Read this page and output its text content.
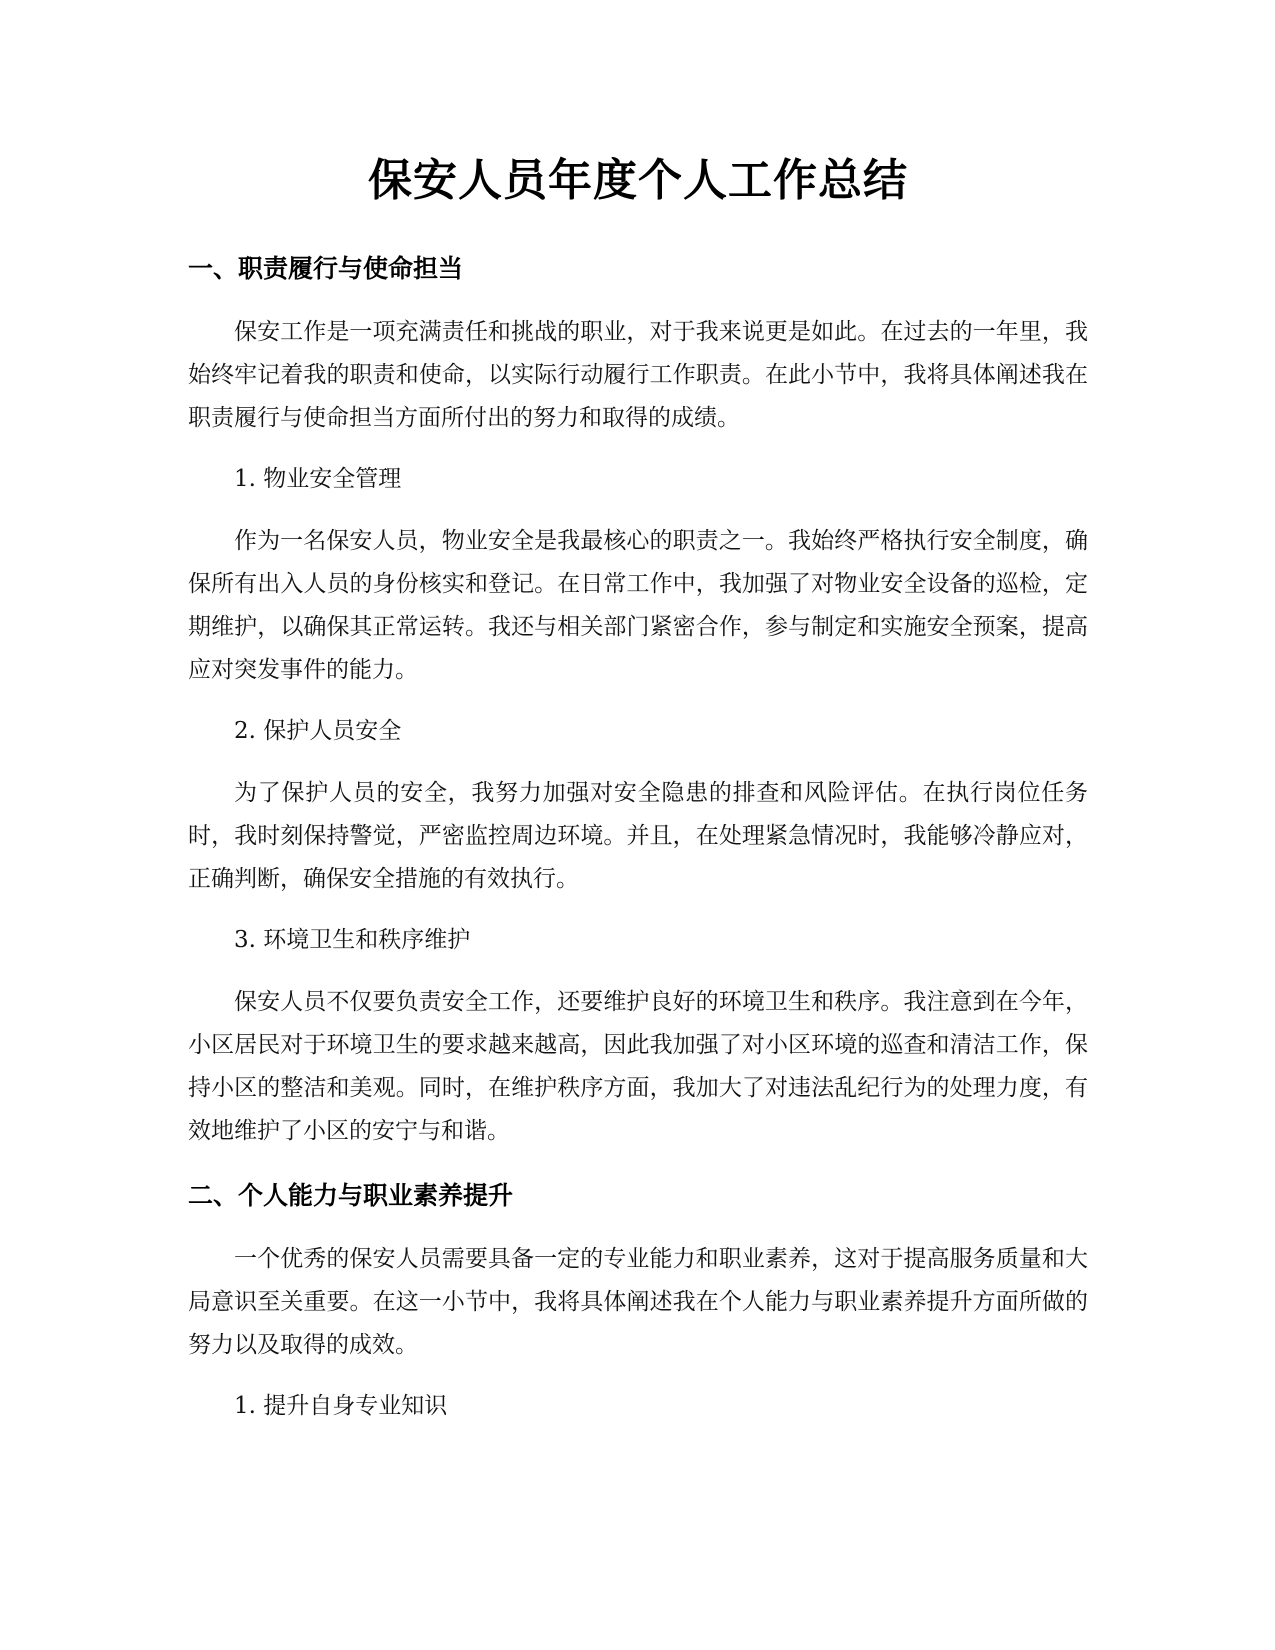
保安人员年度个人工作总结
一、职责履行与使命担当

保安工作是一项充满责任和挑战的职业，对于我来说更是如此。在过去的一年里，我始终牢记着我的职责和使命，以实际行动履行工作职责。在此小节中，我将具体阐述我在职责履行与使命担当方面所付出的努力和取得的成绩。

1. 物业安全管理

作为一名保安人员，物业安全是我最核心的职责之一。我始终严格执行安全制度，确保所有出入人员的身份核实和登记。在日常工作中，我加强了对物业安全设备的巡检，定期维护，以确保其正常运转。我还与相关部门紧密合作，参与制定和实施安全预案，提高应对突发事件的能力。

2. 保护人员安全

为了保护人员的安全，我努力加强对安全隐患的排查和风险评估。在执行岗位任务时，我时刻保持警觉，严密监控周边环境。并且，在处理紧急情况时，我能够冷静应对，正确判断，确保安全措施的有效执行。

3. 环境卫生和秩序维护

保安人员不仅要负责安全工作，还要维护良好的环境卫生和秩序。我注意到在今年，小区居民对于环境卫生的要求越来越高，因此我加强了对小区环境的巡查和清洁工作，保持小区的整洁和美观。同时，在维护秩序方面，我加大了对违法乱纪行为的处理力度，有效地维护了小区的安宁与和谐。

二、个人能力与职业素养提升

一个优秀的保安人员需要具备一定的专业能力和职业素养，这对于提高服务质量和大局意识至关重要。在这一小节中，我将具体阐述我在个人能力与职业素养提升方面所做的努力以及取得的成效。

1. 提升自身专业知识
